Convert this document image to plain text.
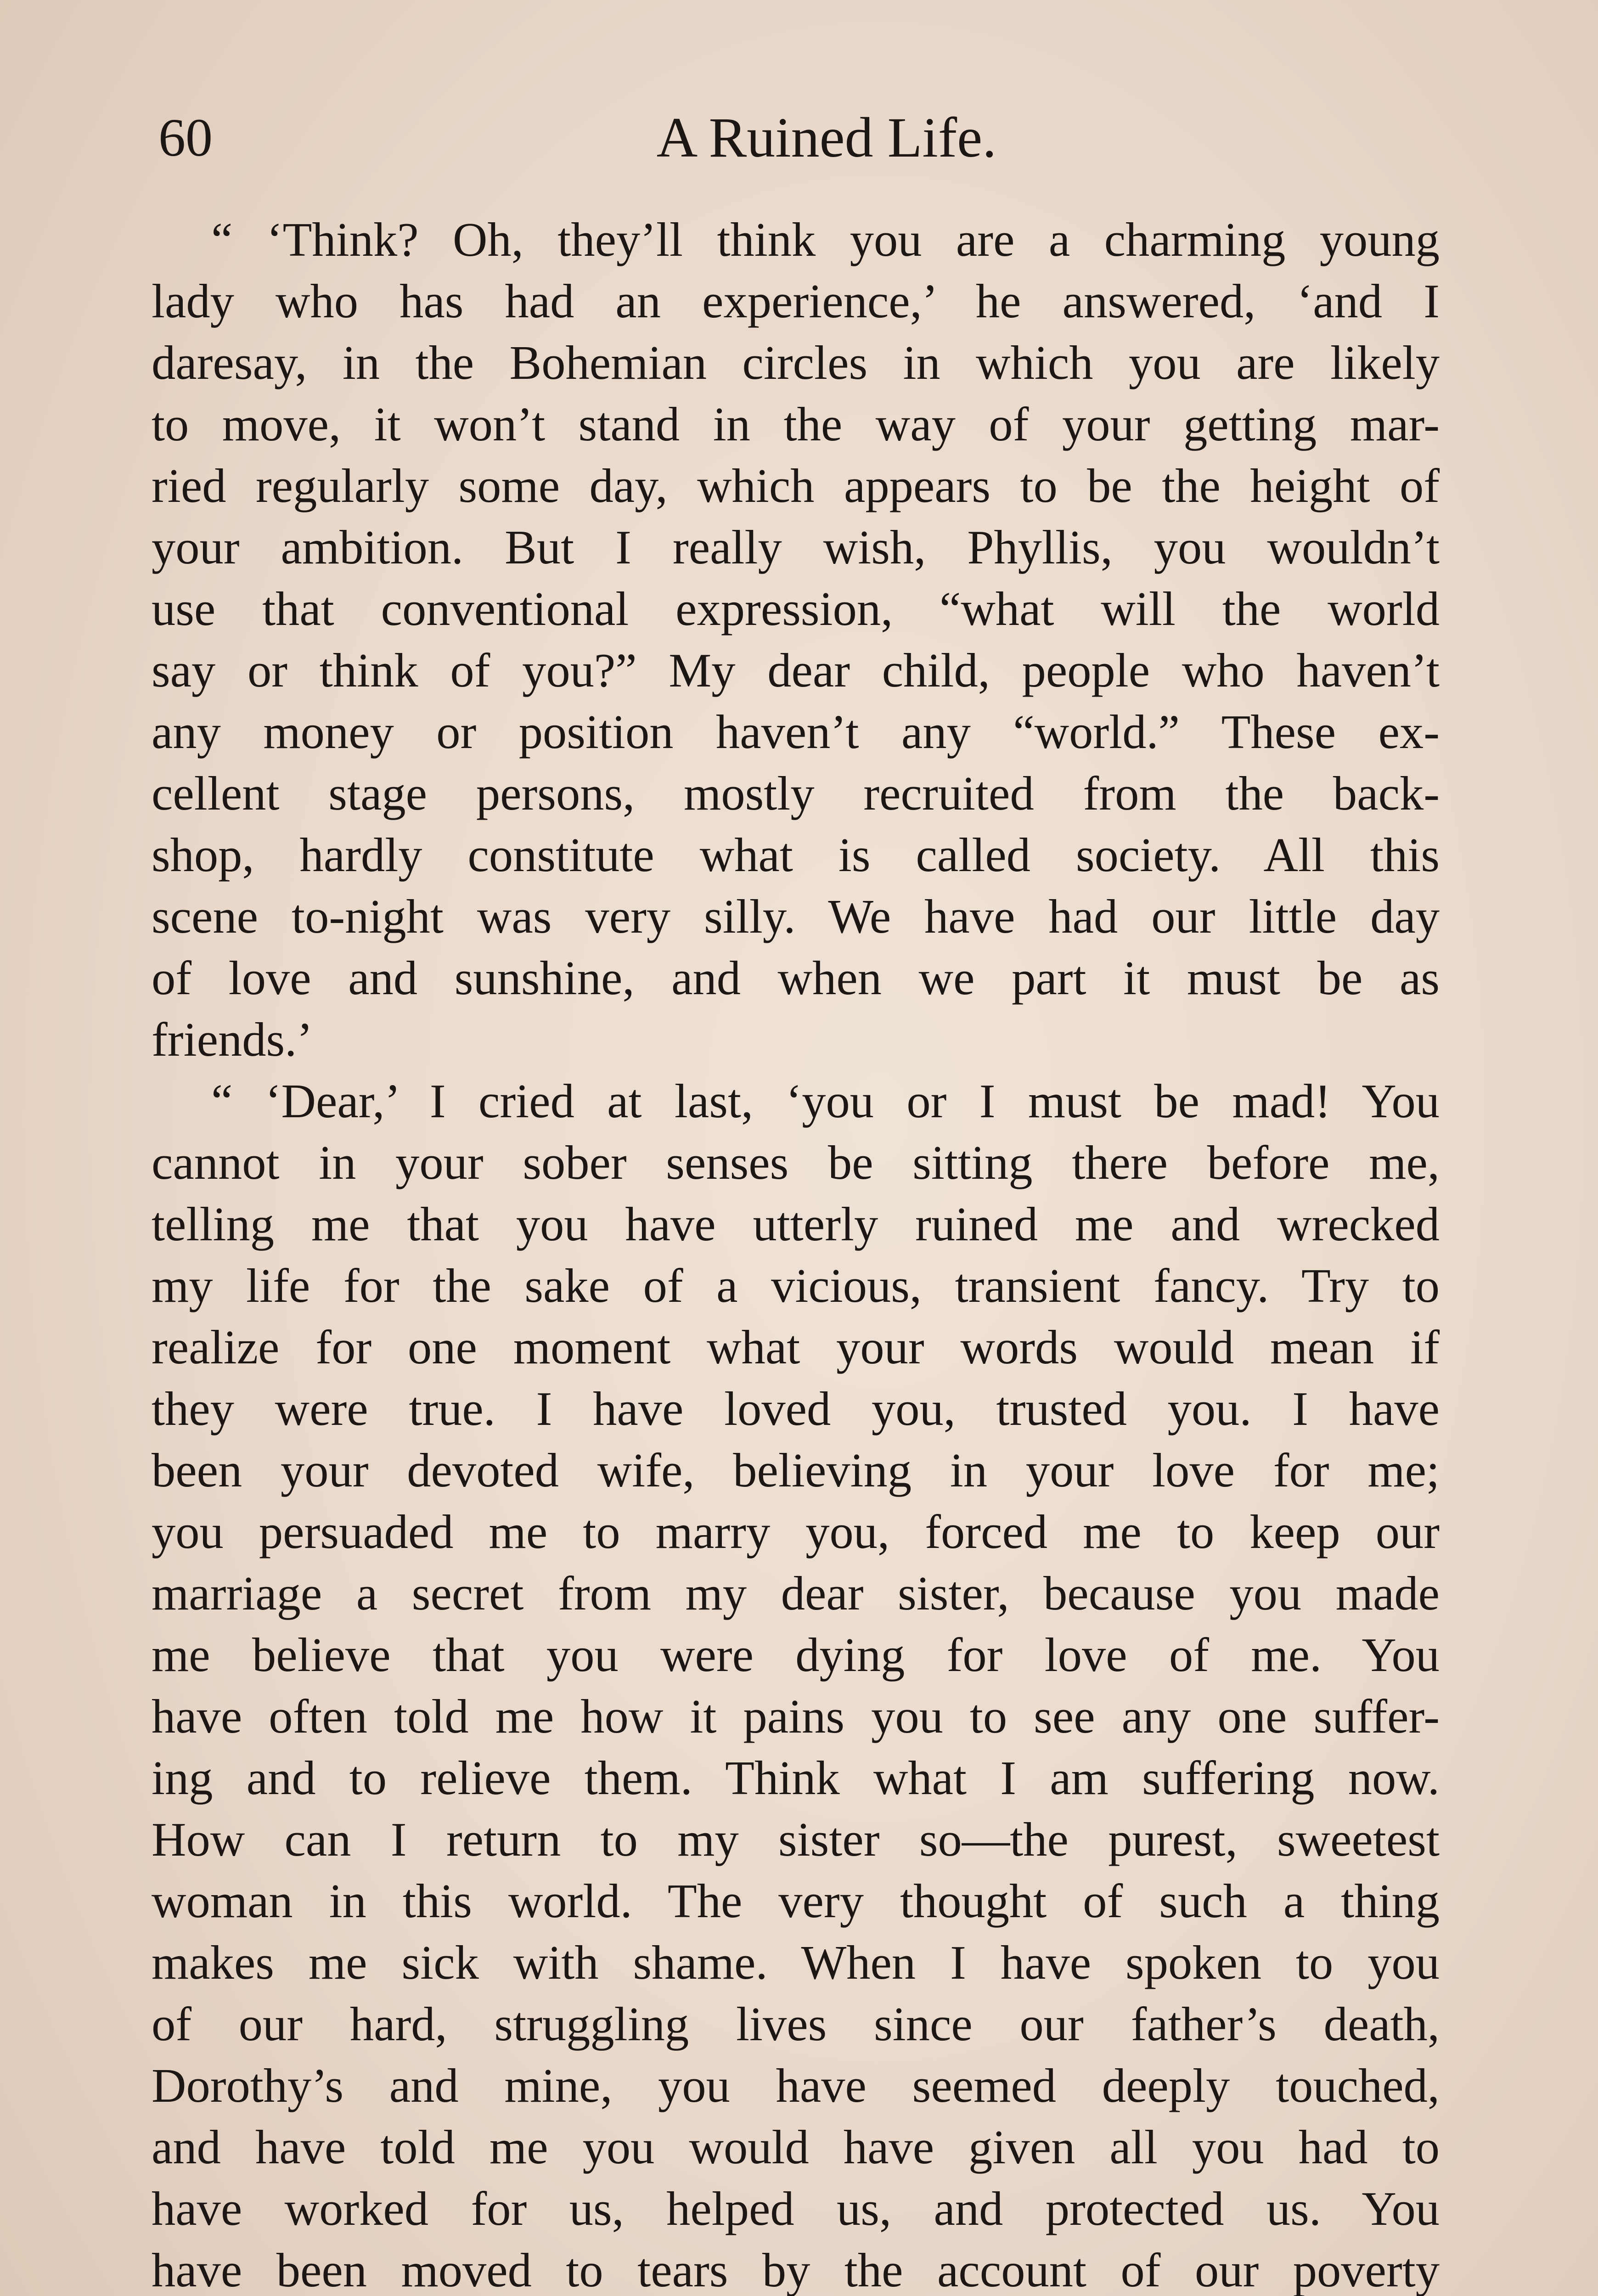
60	A Ruined Life.
“ ‘Think? Oh, they’ll think you are a charming young
lady who has had an experience,’ he answered, ‘and I
daresay, in the Bohemian circles in which you are likely
to move, it won’t stand in the way of your getting mar-
ried regularly some day, which appears to be the height of
your ambition. But I really wish, Phyllis, you wouldn’t
use that conventional expression, “what will the world
say or think of you?” My dear child, people who haven’t
any money or position haven’t any “world.” These ex-
cellent stage persons, mostly recruited from the back-
shop, hardly constitute what is called society. All this
scene to-night was very silly. We have had our little day
of love and sunshine, and when we part it must be as
friends.’
“ ‘Dear,’ I cried at last, ‘you or I must be mad! You
cannot in your sober senses be sitting there before me,
telling me that you have utterly ruined me and wrecked
my life for the sake of a vicious, transient fancy. Try to
realize for one moment what your words would mean if
they were true. I have loved you, trusted you. I have
been your devoted wife, believing in your love for me;
you persuaded me to marry you, forced me to keep our
marriage a secret from my dear sister, because you made
me believe that you were dying for love of me. You
have often told me how it pains you to see any one suffer-
ing and to relieve them. Think what I am suffering now.
How can I return to my sister so—the purest, sweetest
woman in this world. The very thought of such a thing
makes me sick with shame. When I have spoken to you
of our hard, struggling lives since our father’s death,
Dorothy’s and mine, you have seemed deeply touched,
and have told me you would have given all you had to
have worked for us, helped us, and protected us. You
have been moved to tears by the account of our poverty
